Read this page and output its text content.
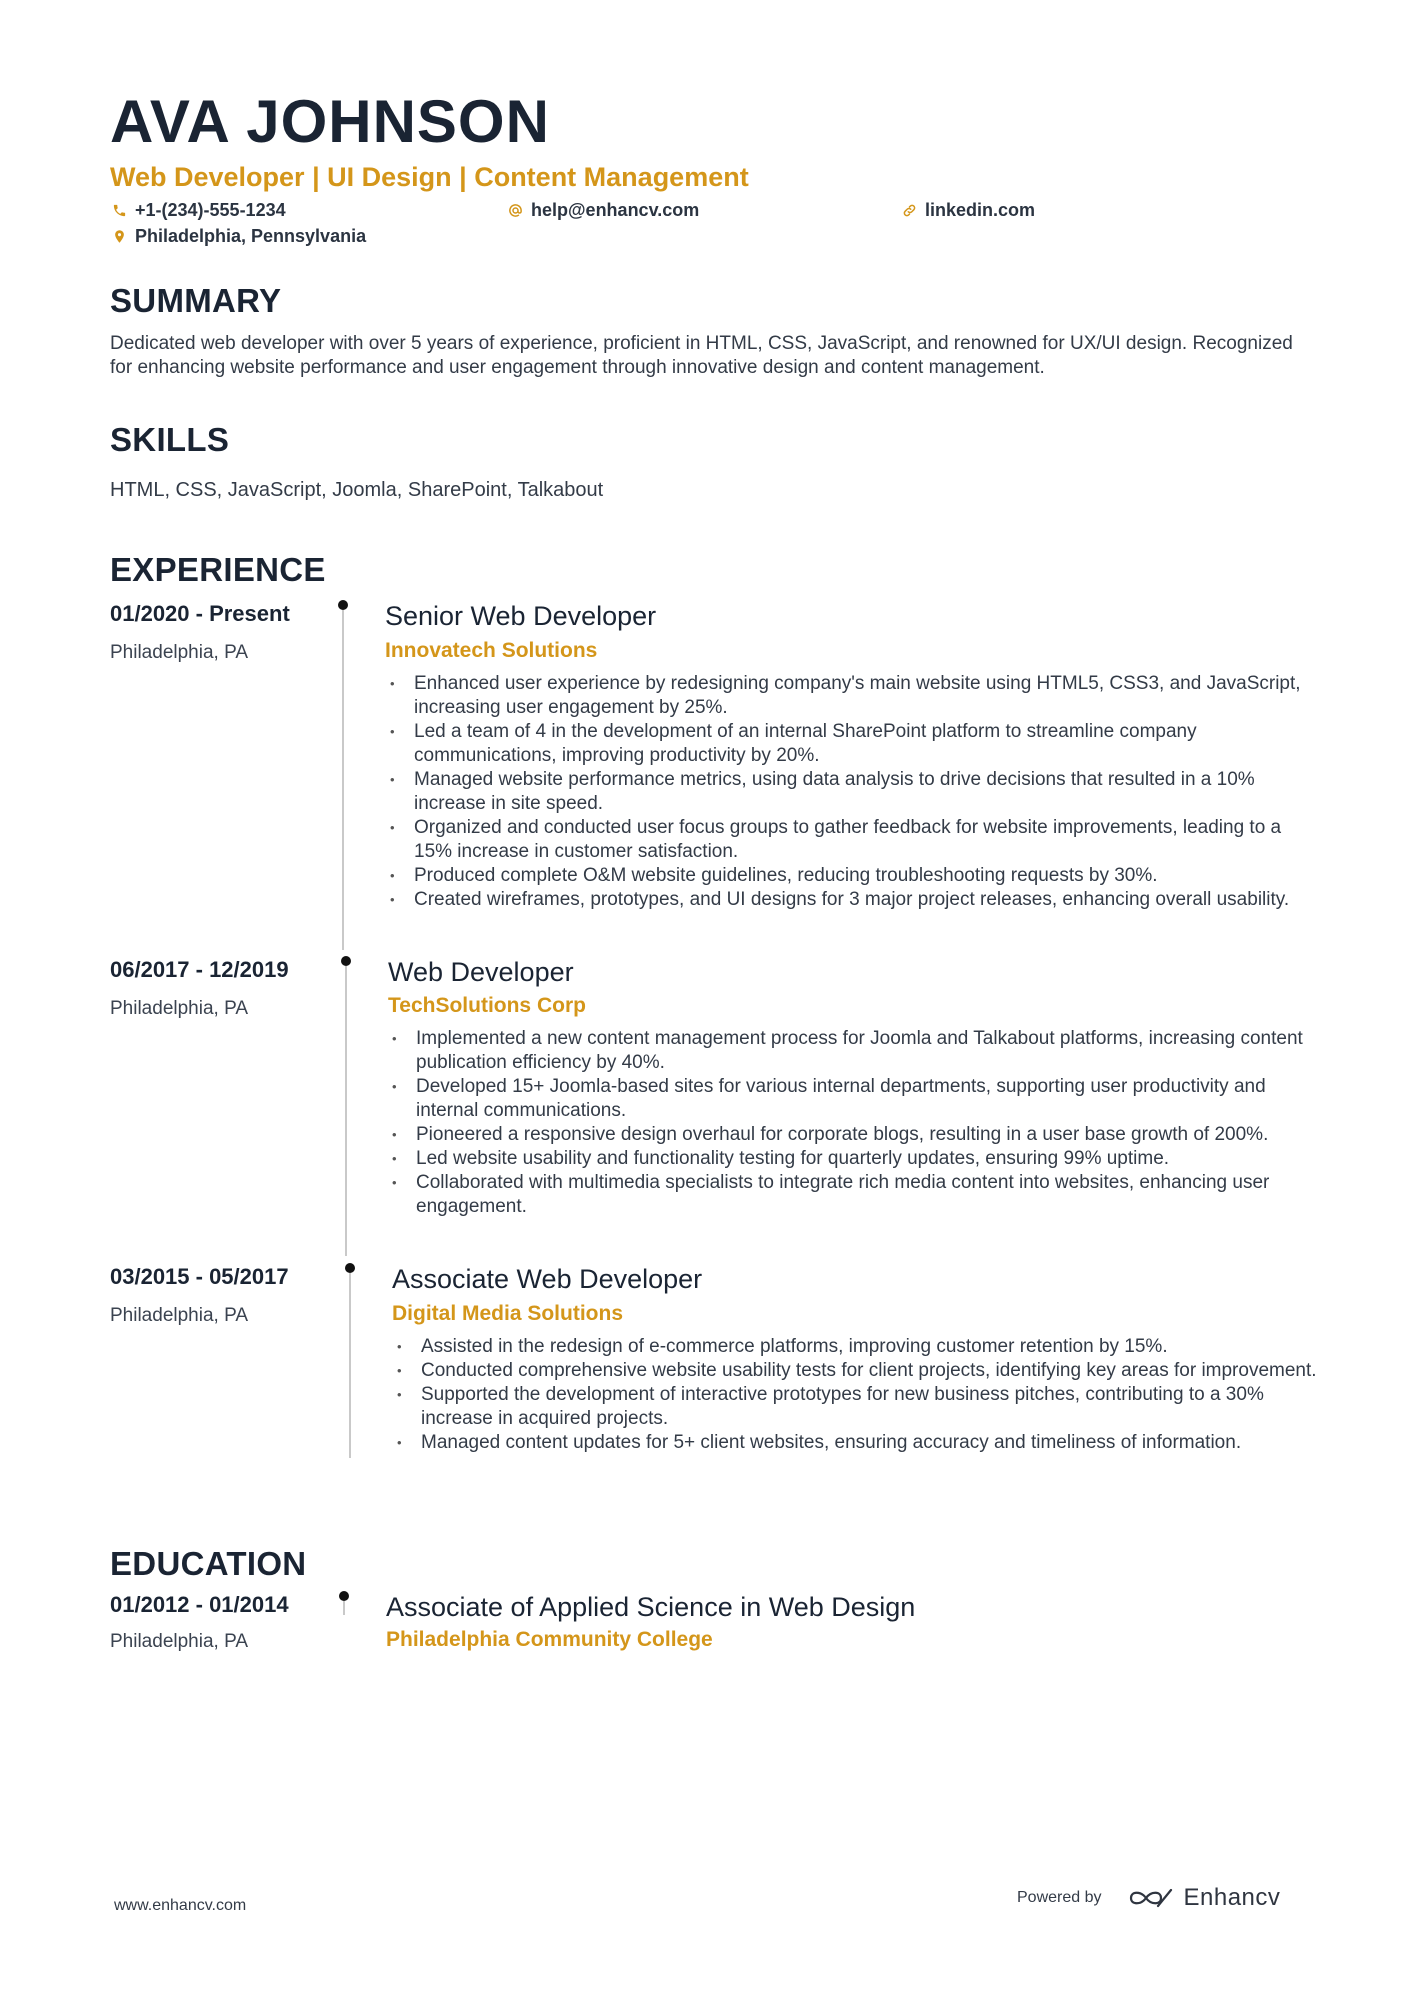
AVA JOHNSON
Web Developer | UI Design | Content Management
+1-(234)-555-1234	help@enhancv.com	linkedin.com
Philadelphia, Pennsylvania
SUMMARY
Dedicated web developer with over 5 years of experience, proficient in HTML, CSS, JavaScript, and renowned for UX/UI design. Recognized for enhancing website performance and user engagement through innovative design and content management.
SKILLS
HTML, CSS, JavaScript, Joomla, SharePoint, Talkabout
EXPERIENCE
01/2020 - Present
Philadelphia, PA
Senior Web Developer
Innovatech Solutions
• Enhanced user experience by redesigning company's main website using HTML5, CSS3, and JavaScript, increasing user engagement by 25%.
• Led a team of 4 in the development of an internal SharePoint platform to streamline company communications, improving productivity by 20%.
• Managed website performance metrics, using data analysis to drive decisions that resulted in a 10% increase in site speed.
• Organized and conducted user focus groups to gather feedback for website improvements, leading to a 15% increase in customer satisfaction.
• Produced complete O&M website guidelines, reducing troubleshooting requests by 30%.
• Created wireframes, prototypes, and UI designs for 3 major project releases, enhancing overall usability.
06/2017 - 12/2019
Philadelphia, PA
Web Developer
TechSolutions Corp
• Implemented a new content management process for Joomla and Talkabout platforms, increasing content publication efficiency by 40%.
• Developed 15+ Joomla-based sites for various internal departments, supporting user productivity and internal communications.
• Pioneered a responsive design overhaul for corporate blogs, resulting in a user base growth of 200%.
• Led website usability and functionality testing for quarterly updates, ensuring 99% uptime.
• Collaborated with multimedia specialists to integrate rich media content into websites, enhancing user engagement.
03/2015 - 05/2017
Philadelphia, PA
Associate Web Developer
Digital Media Solutions
• Assisted in the redesign of e-commerce platforms, improving customer retention by 15%.
• Conducted comprehensive website usability tests for client projects, identifying key areas for improvement.
• Supported the development of interactive prototypes for new business pitches, contributing to a 30% increase in acquired projects.
• Managed content updates for 5+ client websites, ensuring accuracy and timeliness of information.
EDUCATION
01/2012 - 01/2014
Philadelphia, PA
Associate of Applied Science in Web Design
Philadelphia Community College
www.enhancv.com	Powered by	Enhancv
